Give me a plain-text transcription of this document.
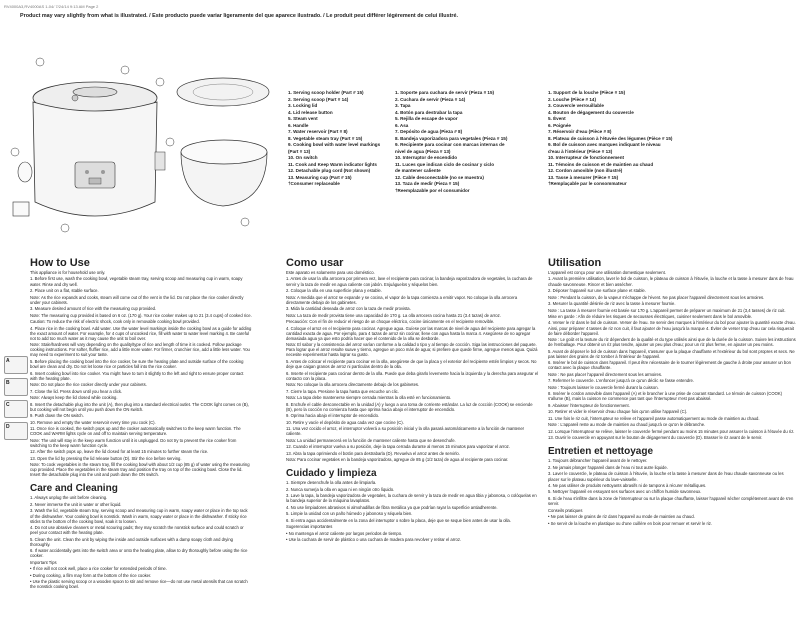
RV4000A3,RV4000AS 1-04/ 7/24/14 9:13 AM Page 2
Product may vary slightly from what is illustrated. / Este producto puede variar ligeramente del que aparece ilustrado. / Le produit peut différer légèrement de celui illustré.
1. Serving scoop holder (Part # 15)
2. Serving scoop (Part # 14)
3. Locking lid
4. Lid release button
5. Steam vent
6. Handle
7. Water reservoir (Part # 8)
8. Vegetable steam tray (Part # 15)
9. Cooking bowl with water level markings (Part # 13)
10. On switch
11. Cook and Keep Warm indicator lights
12. Detachable plug cord (Not shown)
13. Measuring cup (Part # 15)
†Consumer replaceable
1. Soporte para cuchara de servir (Pieza # 15)
2. Cuchara de servir (Pieza # 14)
3. Tapa
4. Botón para destrabar la tapa
5. Rejilla de escape de vapor
6. Asa
7. Depósito de agua (Pieza # 8)
8. Bandeja vaporizadora para vegetales (Pieza # 15)
9. Recipiente para cocinar con marcas internas de nivel de agua (Pieza # 13)
10. Interruptor de encendido
11. Luces que indican ciclo de cocinar y ciclo de mantener caliente
12. Cable desconectable (no se muestra)
13. Taza de medir (Pieza # 15)
†Reemplazable por el consumidor
1. Support de la louche (Pièce # 15)
2. Louche (Pièce # 14)
3. Couvercle verrouillable
4. Bouton de dégagement du couvercle
5. Évent
6. Poignée
7. Réservoir d'eau (Pièce # 8)
8. Plateau de cuisson à l'étuvée des légumes (Pièce # 15)
9. Bol de cuisson avec marques indiquant le niveau d'eau à l'intérieur (Pièce # 13)
10. Interrupteur de fonctionnement
11. Témoins de cuisson et de maintien au chaud
12. Cordon amovible (non illustré)
13. Tasse à mesurer (Pièce # 15)
†Remplaçable par le consommateur
A
B
C
D
How to Use

This appliance is for household use only.

1. Before first use, wash the cooking bowl, vegetable steam tray, serving scoop and measuring cup in warm, soapy water. Rinse and dry well.

2. Place unit on a flat, stable surface.

Note: As the rice expands and cooks, steam will come out of the vent in the lid. Do not place the rice cooker directly under your cabinets.

3. Measure desired amount of rice with the measuring cup provided.

Note: The measuring cup provided is based on 6 oz. (170 g). Your rice cooker makes up to 21 (3.4 cups) of cooked rice.

Caution: To reduce the risk of electric shock, cook only in removable cooking bowl provided.

4. Place rice in the cooking bowl. Add water. Use the water level markings inside the cooking bowl as a guide for adding the exact amount of water. For example, for 4 cups of uncooked rice, fill with water to water level marking 4. Be careful not to add too much water as it may cause the unit to boil over.

Note: Stale/hardness will vary depending on the quality/type of rice and length of time it is cooked. Follow package cooking instructions. For softer, fluffier rice, add a little more water. For firmer, crunchier rice, add a little less water. You may need to experiment to suit your taste.

5. Before placing the cooking bowl into the rice cooker, be sure the heating plate and outside surface of the cooking bowl are clean and dry. Do not let loose rice or particles fall into the rice cooker.

6. Insert cooking bowl into rice cooker. You might have to turn it slightly to the left and right to ensure proper contact with the heating plate.

Note: Do not place the rice cooker directly under your cabinets.

7. Close the lid. Press down until you hear a click.

Note: Always keep the lid closed while cooking.

8. Insert the detachable plug into the unit (A), then plug into a standard electrical outlet. The COOK light comes on (B), but cooking will not begin until you push down the ON switch.

9. Push down the ON switch.

10. Remove and empty the water reservoir every time you cook (C).

11. Once rice is cooked, the switch pops up and the cooker automatically switches to the keep warm function. The COOK and WARM lights cycle on and off to maintain serving temperature.

Note: The unit will stay in the keep warm function until it is unplugged. Do not try to prevent the rice cooker from switching to the keep warm function cycle.

12. After the switch pops up, leave the lid closed for at least 15 minutes to further steam the rice.

13. Open the lid by pressing the lid release button (D). Stir the rice before serving.

Note: To cook vegetables in the steam tray, fill the cooking bowl with about 1/2 cup (85 g) of water using the measuring cup provided. Place the vegetables in the steam tray and position the tray on top of the cooking bowl. Close the lid. Insert the detachable plug into the unit and push down the ON switch.

Care and Cleaning

1. Always unplug the unit before cleaning.

2. Never immerse the unit in water or other liquid.

3. Wash the lid, vegetable steam tray, serving scoop and measuring cup in warm, soapy water or place in the top rack of the dishwasher. Your cooking bowl is nonstick. Wash in warm, soapy water or place in the dishwasher. If sticky rice sticks to the bottom of the cooking bowl, soak it to loosen.

4. Do not use abrasive cleaners or metal scouring pads; they may scratch the nonstick surface and could scratch or peel your contact with the heating plate.

5. Clean the unit. Clean the unit by wiping the inside and outside surfaces with a damp soapy cloth and drying thoroughly.

6. If water accidentally gets into the switch area or onto the heating plate, allow to dry thoroughly before using the rice cooker.

Important Tips

• If rice will not cook well, place a rice cooker for extended periods of time.

• During cooking, a film may form at the bottom of the rice cooker.

• Use the plastic serving scoop or a wooden spoon to stir and remove rice—do not use metal utensils that can scratch the nonstick cooking bowl.

Como usar

Este aparato es solamente para uso doméstico.

1. Antes de usar la olla arrocera por primera vez, lave el recipiente para cocinar, la bandeja vaporizadora de vegetales, la cuchara de servir y la taza de medir en agua caliente con jabón. Enjuáguelos y séquelos bien.

2. Coloque la olla en una superficie plana y estable.

Nota: A medida que el arroz se expande y se cocina, el vapor de la tapa comienza a emitir vapor. No coloque la olla arrocera directamente debajo de los gabinetes.

3. Mida la cantidad deseada de arroz con la taza de medir provista.

Nota: La taza de medir provista tiene una capacidad de 170 g. La olla arrocera cocina hasta 21 (3.4 tazas) de arroz.

Precaución: Con el fin de reducir el riesgo de un choque eléctrico, cocine únicamente en el recipiente removible.

4. Coloque el arroz en el recipiente para cocinar. Agregue agua. Guíese por las marcas de nivel de agua del recipiente para agregar la cantidad exacta de agua. Por ejemplo, para 4 tazas de arroz sin cocinar, llene con agua hasta la marca 4. Asegúrese de no agregar demasiada agua ya que esto podría hacer que el contenido de la olla se desborde.

Nota: El sabor y la consistencia del arroz varían conforme a la calidad o tipo y al tiempo de cocción. Siga las instrucciones del paquete. Para lograr que el arroz resulte suave y tierno, agregue un poco más de agua; si prefiere que quede firme, agregue menos agua. Quizá necesite experimentar hasta lograr su gusto.

5. Antes de colocar el recipiente para cocinar en la olla, asegúrese de que la placa y el exterior del recipiente estén limpios y secos. No deje que caigan granos de arroz ni partículas dentro de la olla.

6. Inserte el recipiente para cocinar dentro de la olla. Puede que deba girarlo levemente hacia la izquierda y la derecha para asegurar el contacto con la placa.

Nota: No coloque la olla arrocera directamente debajo de los gabinetes.

7. Cierre la tapa. Presione la tapa hasta que escuche un clic.

Nota: La tapa debe mantenerse siempre cerrada mientras la olla esté en funcionamiento.

8. Enchufe el cable desconectable en la unidad (A) y luego a una toma de corriente estándar. La luz de cocción (COOK) se enciende (B), pero la cocción no comienza hasta que oprima hacia abajo el interruptor de encendido.

9. Oprima hacia abajo el interruptor de encendido.

10. Retire y vacíe el depósito de agua cada vez que cocine (C).

11. Una vez cocido el arroz, el interruptor volverá a su posición inicial y la olla pasará automáticamente a la función de mantener caliente.

Nota: La unidad permanecerá en la función de mantener caliente hasta que se desenchufe.

12. Cuando el interruptor vuelva a su posición, deje la tapa cerrada durante al menos 15 minutos para vaporizar el arroz.

13. Abra la tapa oprimiendo el botón para destrabarla (D). Revuelva el arroz antes de servirlo.

Nota: Para cocinar vegetales en la bandeja vaporizadora, agregue de 85 g (1/2 taza) de agua al recipiente para cocinar.

Cuidado y limpieza

1. Siempre desenchufe la olla antes de limpiarla.

2. Nunca sumerja la olla en agua ni en ningún otro líquido.

3. Lave la tapa, la bandeja vaporizadora de vegetales, la cuchara de servir y la taza de medir en agua tibia y jabonosa, o colóquelas en la bandeja superior de la máquina lavaplatos.

4. No use limpiadores abrasivos ni almohadillas de fibra metálica ya que podrían rayar la superficie antiadherente.

5. Limpie la unidad con un paño húmedo y jabonoso y séquela bien.

6. Si entra agua accidentalmente en la zona del interruptor o sobre la placa, deje que se seque bien antes de usar la olla.

Sugerencias importantes

• No mantenga el arroz caliente por largos periodos de tiempo.

• Use la cuchara de servir de plástico o una cuchara de madera para revolver y retirar el arroz.

Utilisation

L'appareil est conçu pour une utilisation domestique seulement.

1. Avant la première utilisation, laver le bol de cuisson, le plateau de cuisson à l'étuvée, la louche et la tasse à mesurer dans de l'eau chaude savonneuse. Rincer et bien assécher.

2. Déposer l'appareil sur une surface plane et stable.

Note : Pendant la cuisson, de la vapeur s'échappe de l'évent. Ne pas placer l'appareil directement sous les armoires.

3. Mesurer la quantité désirée de riz avec la tasse à mesurer fournie.

Note : La tasse à mesurer fournie est basée sur 170 g. L'appareil permet de préparer un maximum de 21 (3,4 tasses) de riz cuit.

Mise en garde : Afin de réduire les risques de secousses électriques, cuisiner seulement dans le bol amovible.

4. Verser le riz dans le bol de cuisson. Verser de l'eau. Se servir des marques à l'intérieur du bol pour ajouter la quantité exacte d'eau. Ainsi, pour préparer 4 tasses de riz non cuit, il faut ajouter de l'eau jusqu'à la marque 4. Éviter de verser trop d'eau car cela risquerait de faire déborder l'appareil.

Note : Le goût et la texture du riz dépendent de la qualité et du type utilisés ainsi que de la durée de la cuisson. Suivre les instructions de l'emballage. Pour obtenir un riz plus tendre, ajouter un peu plus d'eau; pour un riz plus ferme, en ajouter un peu moins.

5. Avant de déposer le bol de cuisson dans l'appareil, s'assurer que la plaque chauffante et l'extérieur du bol sont propres et secs. Ne pas laisser des grains de riz tomber à l'intérieur de l'appareil.

6. Insérer le bol de cuisson dans l'appareil. Il peut être nécessaire de le tourner légèrement de gauche à droite pour assurer un bon contact avec la plaque chauffante.

Note : Ne pas placer l'appareil directement sous les armoires.

7. Refermer le couvercle. L'enfoncer jusqu'à ce qu'un déclic se fasse entendre.

Note : Toujours laisser le couvercle fermé durant la cuisson.

8. Insérer le cordon amovible dans l'appareil (A) et le brancher à une prise de courant standard. Le témoin de cuisson (COOK) s'allume (B), mais la cuisson ne commence pas tant que l'interrupteur n'est pas abaissé.

9. Abaisser l'interrupteur de fonctionnement.

10. Retirer et vider le réservoir d'eau chaque fois qu'on utilise l'appareil (C).

11. Une fois le riz cuit, l'interrupteur se relève et l'appareil passe automatiquement au mode de maintien au chaud.

Note : L'appareil reste au mode de maintien au chaud jusqu'à ce qu'on le débranche.

12. Lorsque l'interrupteur se relève, laisser le couvercle fermé pendant au moins 15 minutes pour assurer la cuisson à l'étuvée du riz.

13. Ouvrir le couvercle en appuyant sur le bouton de dégagement du couvercle (D). Brasser le riz avant de le servir.

Entretien et nettoyage

1. Toujours débrancher l'appareil avant de le nettoyer.

2. Ne jamais plonger l'appareil dans de l'eau ni tout autre liquide.

3. Laver le couvercle, le plateau de cuisson à l'étuvée, la louche et la tasse à mesurer dans de l'eau chaude savonneuse ou les placer sur le plateau supérieur du lave-vaisselle.

4. Ne pas utiliser de produits nettoyants abrasifs ni de tampons à récurer métalliques.

5. Nettoyer l'appareil en essuyant ses surfaces avec un chiffon humide savonneux.

6. Si de l'eau s'infiltre dans la zone de l'interrupteur ou sur la plaque chauffante, laisser l'appareil sécher complètement avant de s'en servir.

Conseils pratiques

• Ne pas laisser de grains de riz dans l'appareil au mode de maintien au chaud.

• Se servir de la louche en plastique ou d'une cuillère en bois pour remuer et servir le riz.
